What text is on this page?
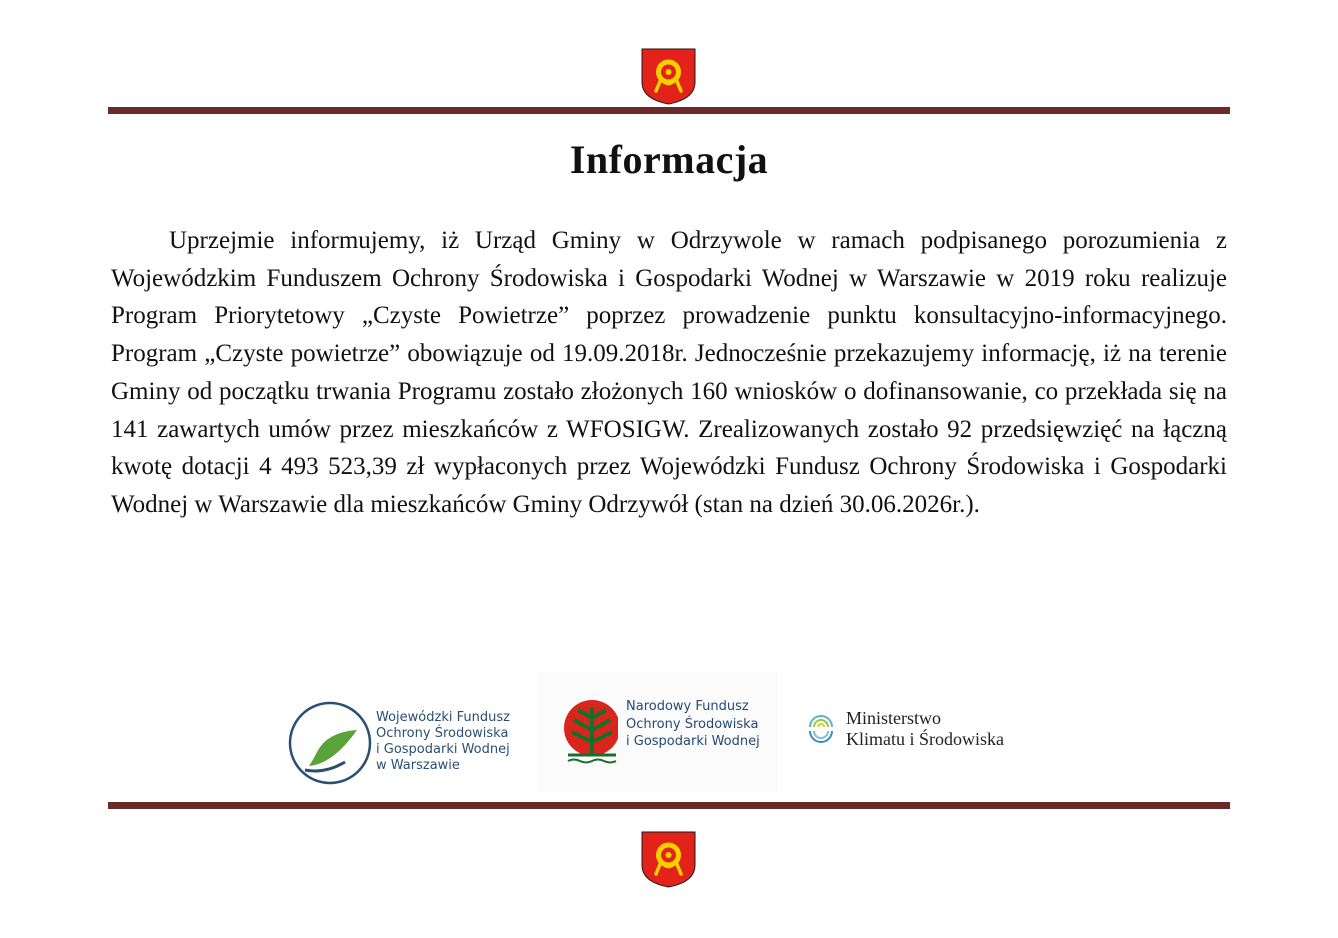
Informacja

Uprzejmie informujemy, iż Urząd Gminy w Odrzywole w ramach podpisanego porozumienia z Wojewódzkim Funduszem Ochrony Środowiska i Gospodarki Wodnej w Warszawie w 2019 roku realizuje Program Priorytetowy „Czyste Powietrze” poprzez prowadzenie punktu konsultacyjno-informacyjnego. Program „Czyste powietrze” obowiązuje od 19.09.2018r. Jednocześnie przekazujemy informację, iż na terenie Gminy od początku trwania Programu zostało złożonych 160 wniosków o dofinansowanie, co przekłada się na 141 zawartych umów przez mieszkańców z WFOSIGW. Zrealizowanych zostało 92 przedsięwzięć na łączną kwotę dotacji 4 493 523,39 zł wypłaconych przez Wojewódzki Fundusz Ochrony Środowiska i Gospodarki Wodnej w Warszawie dla mieszkańców Gminy Odrzywół (stan na dzień 30.06.2026r.).

Wojewódzki Fundusz
Ochrony Środowiska
i Gospodarki Wodnej
w Warszawie
Narodowy Fundusz
Ochrony Środowiska
i Gospodarki Wodnej
Ministerstwo
Klimatu i Środowiska
